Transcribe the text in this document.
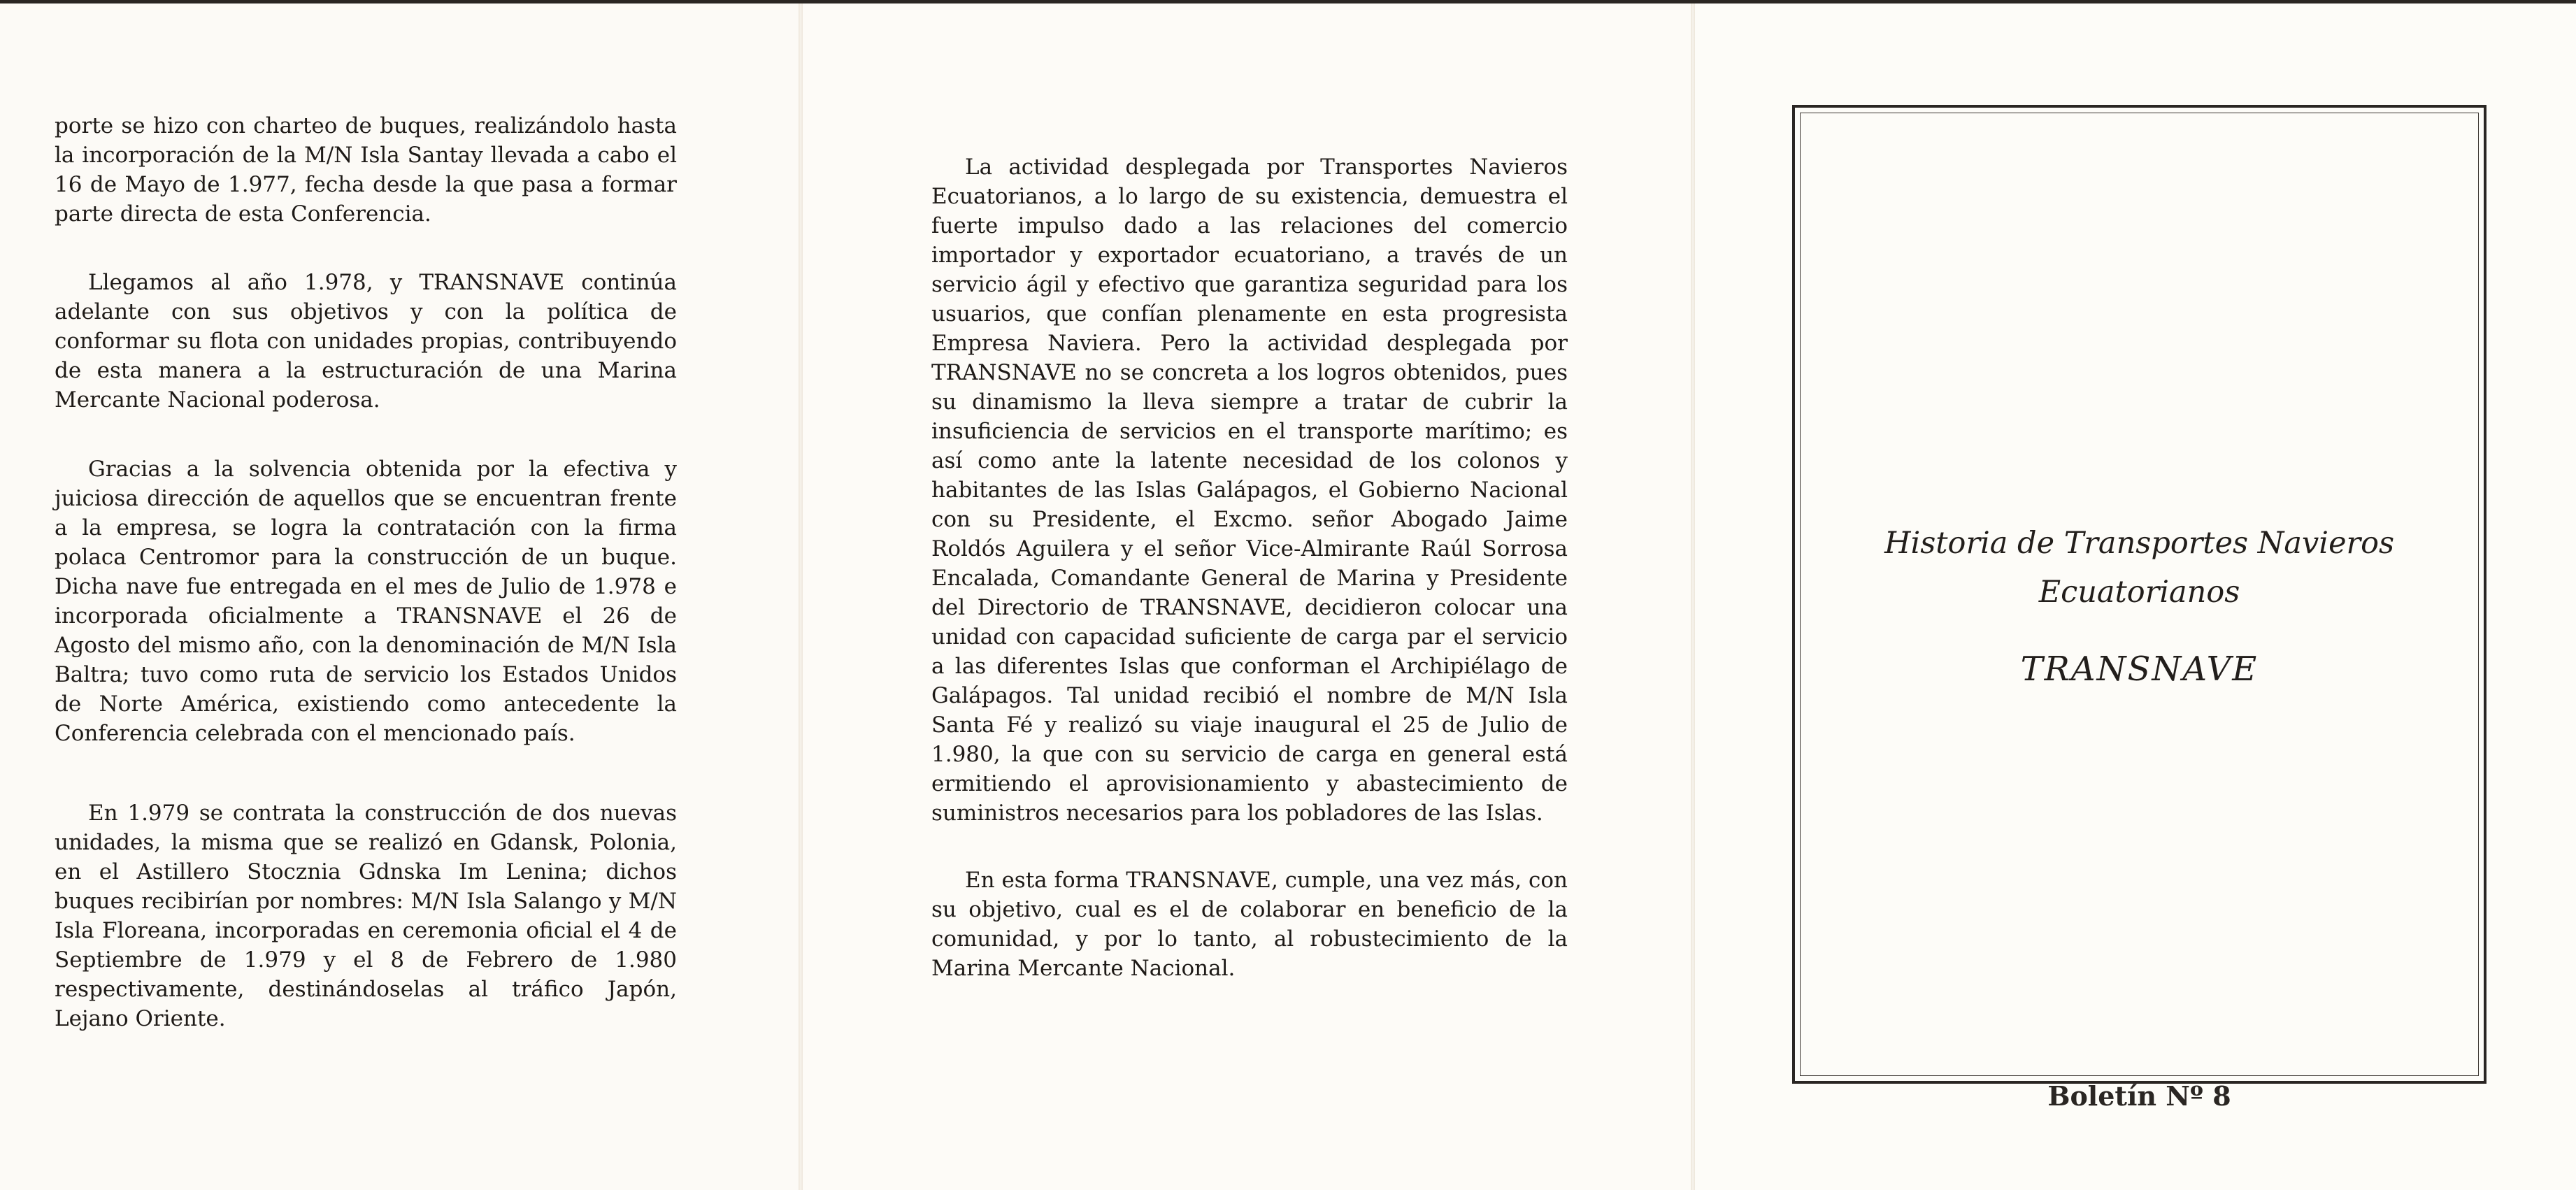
porte se hizo con charteo de buques, realizándolo hasta la incorporación de la M/N Isla Santay llevada a cabo el 16 de Mayo de 1.977, fecha desde la que pasa a formar parte directa de esta Conferencia.

Llegamos al año 1.978, y TRANSNAVE continúa adelante con sus objetivos y con la política de conformar su flota con unidades propias, contribuyendo de esta manera a la estructuración de una Marina Mercante Nacional poderosa.

Gracias a la solvencia obtenida por la efectiva y juiciosa dirección de aquellos que se encuentran frente a la empresa, se logra la contratación con la firma polaca Centromor para la construcción de un buque. Dicha nave fue entregada en el mes de Julio de 1.978 e incorporada oficialmente a TRANSNAVE el 26 de Agosto del mismo año, con la denominación de M/N Isla Baltra; tuvo como ruta de servicio los Estados Unidos de Norte América, existiendo como antecedente la Conferencia celebrada con el mencionado país.

En 1.979 se contrata la construcción de dos nuevas unidades, la misma que se realizó en Gdansk, Polonia, en el Astillero Stocznia Gdnska Im Lenina; dichos buques recibirían por nombres: M/N Isla Salango y M/N Isla Floreana, incorporadas en ceremonia oficial el 4 de Septiembre de 1.979 y el 8 de Febrero de 1.980 respectivamente, destinándoselas al tráfico Japón, Lejano Oriente.

La actividad desplegada por Transportes Navieros Ecuatorianos, a lo largo de su existencia, demuestra el fuerte impulso dado a las relaciones del comercio importador y exportador ecuatoriano, a través de un servicio ágil y efectivo que garantiza seguridad para los usuarios, que confían plenamente en esta progresista Empresa Naviera. Pero la actividad desplegada por TRANSNAVE no se concreta a los logros obtenidos, pues su dinamismo la lleva siempre a tratar de cubrir la insuficiencia de servicios en el transporte marítimo; es así como ante la latente necesidad de los colonos y habitantes de las Islas Galápagos, el Gobierno Nacional con su Presidente, el Excmo. señor Abogado Jaime Roldós Aguilera y el señor Vice-Almirante Raúl Sorrosa Encalada, Comandante General de Marina y Presidente del Directorio de TRANSNAVE, decidieron colocar una unidad con capacidad suficiente de carga par el servicio a las diferentes Islas que conforman el Archipiélago de Galápagos. Tal unidad recibió el nombre de M/N Isla Santa Fé y realizó su viaje inaugural el 25 de Julio de 1.980, la que con su servicio de carga en general está ermitiendo el aprovisionamiento y abastecimiento de suministros necesarios para los pobladores de las Islas.

En esta forma TRANSNAVE, cumple, una vez más, con su objetivo, cual es el de colaborar en beneficio de la comunidad, y por lo tanto, al robustecimiento de la Marina Mercante Nacional.

Historia de Transportes Navieros
Ecuatorianos
TRANSNAVE
Boletín Nº 8
